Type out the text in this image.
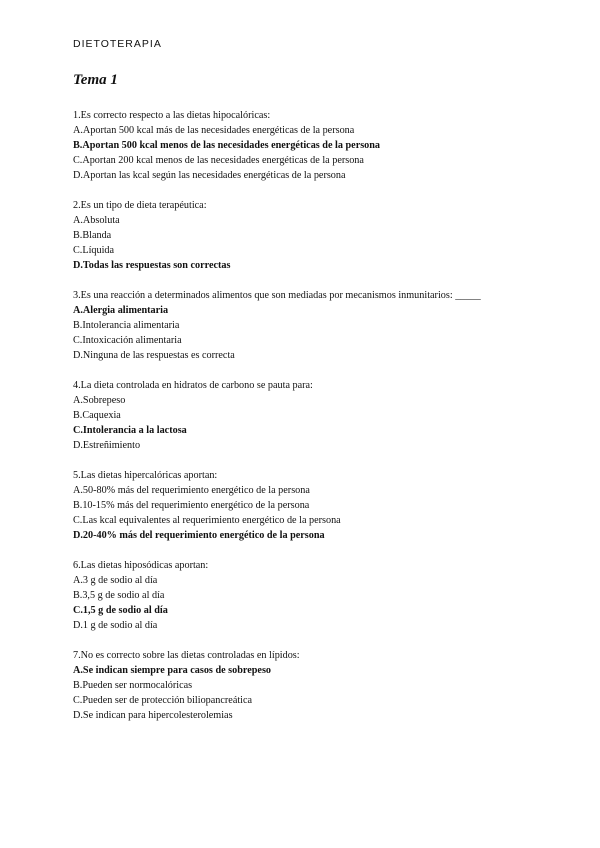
DIETOTERAPIA
Tema 1
1.Es correcto respecto a las dietas hipocalóricas:
A.Aportan 500 kcal más de las necesidades energéticas de la persona
B.Aportan 500 kcal menos de las necesidades energéticas de la persona
C.Aportan 200 kcal menos de las necesidades energéticas de la persona
D.Aportan las kcal según las necesidades energéticas de la persona
2.Es un tipo de dieta terapéutica:
A.Absoluta
B.Blanda
C.Líquida
D.Todas las respuestas son correctas
3.Es una reacción a determinados alimentos que son mediadas por mecanismos inmunitarios: _____
A.Alergia alimentaria
B.Intolerancia alimentaria
C.Intoxicación alimentaria
D.Ninguna de las respuestas es correcta
4.La dieta controlada en hidratos de carbono se pauta para:
A.Sobrepeso
B.Caquexia
C.Intolerancia a la lactosa
D.Estreñimiento
5.Las dietas hipercalóricas aportan:
A.50-80% más del requerimiento energético de la persona
B.10-15% más del requerimiento energético de la persona
C.Las kcal equivalentes al requerimiento energético de la persona
D.20-40% más del requerimiento energético de la persona
6.Las dietas hiposódicas aportan:
A.3 g de sodio al día
B.3,5 g de sodio al día
C.1,5 g de sodio al día
D.1 g de sodio al día
7.No es correcto sobre las dietas controladas en lípidos:
A.Se indican siempre para casos de sobrepeso
B.Pueden ser normocalóricas
C.Pueden ser de protección biliopancreática
D.Se indican para hipercolesterolemias
